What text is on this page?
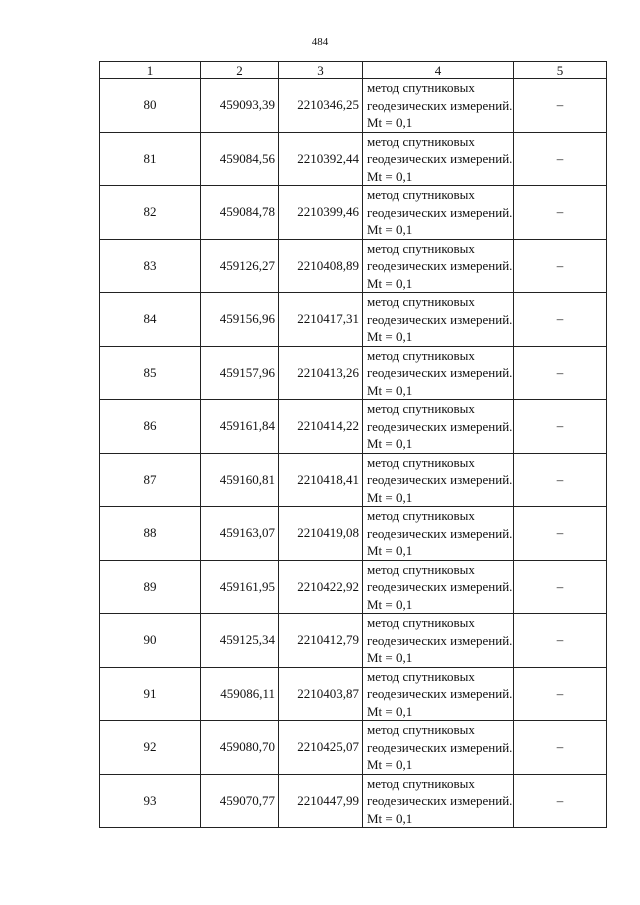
484
1	2	3	4	5
80	459093,39	2210346,25	метод спутниковых геодезических измерений. Mt = 0,1	–
81	459084,56	2210392,44	метод спутниковых геодезических измерений. Mt = 0,1	–
82	459084,78	2210399,46	метод спутниковых геодезических измерений. Mt = 0,1	–
83	459126,27	2210408,89	метод спутниковых геодезических измерений. Mt = 0,1	–
84	459156,96	2210417,31	метод спутниковых геодезических измерений. Mt = 0,1	–
85	459157,96	2210413,26	метод спутниковых геодезических измерений. Mt = 0,1	–
86	459161,84	2210414,22	метод спутниковых геодезических измерений. Mt = 0,1	–
87	459160,81	2210418,41	метод спутниковых геодезических измерений. Mt = 0,1	–
88	459163,07	2210419,08	метод спутниковых геодезических измерений. Mt = 0,1	–
89	459161,95	2210422,92	метод спутниковых геодезических измерений. Mt = 0,1	–
90	459125,34	2210412,79	метод спутниковых геодезических измерений. Mt = 0,1	–
91	459086,11	2210403,87	метод спутниковых геодезических измерений. Mt = 0,1	–
92	459080,70	2210425,07	метод спутниковых геодезических измерений. Mt = 0,1	–
93	459070,77	2210447,99	метод спутниковых геодезических измерений. Mt = 0,1	–
